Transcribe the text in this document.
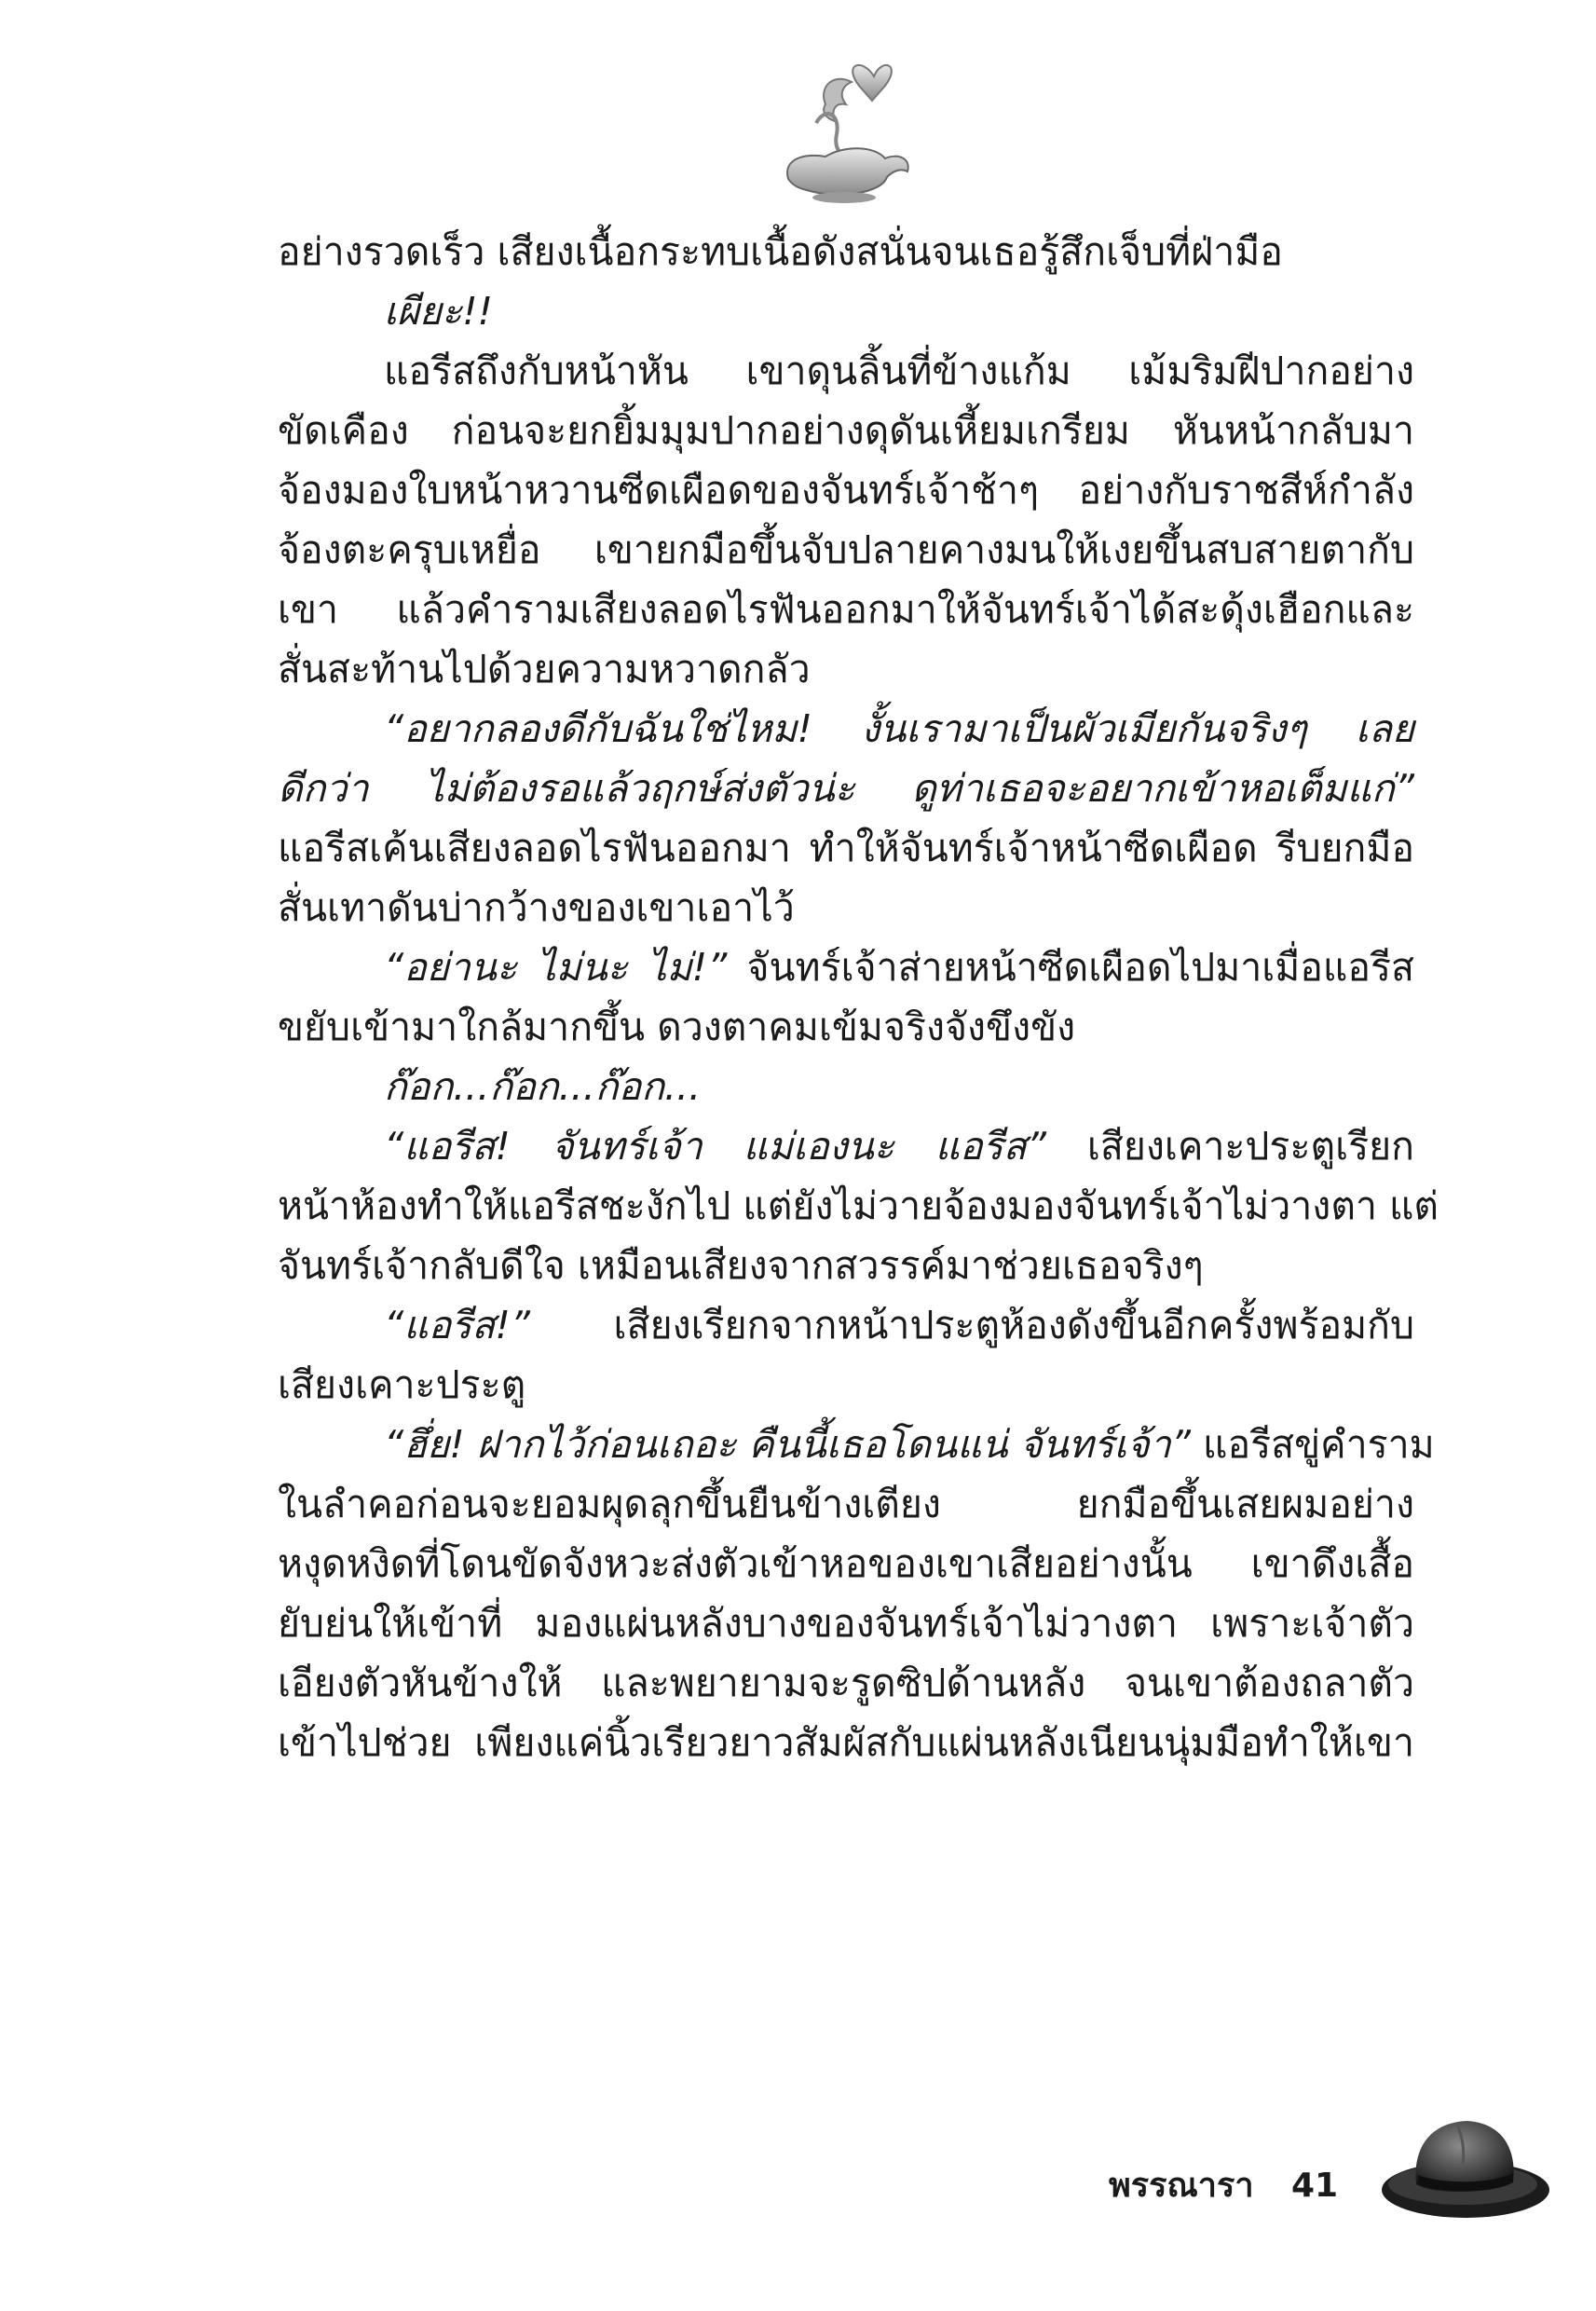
อย่างรวดเร็ว เสียงเนื้อกระทบเนื้อดังสนั่นจนเธอรู้สึกเจ็บที่ฝ่ามือ

เผียะ!!

แอรีสถึงกับหน้าหัน เขาดุนลิ้นที่ข้างแก้ม เม้มริมฝีปากอย่าง

ขัดเคือง ก่อนจะยกยิ้มมุมปากอย่างดุดันเหี้ยมเกรียม หันหน้ากลับมา

จ้องมองใบหน้าหวานซีดเผือดของจันทร์เจ้าช้าๆ อย่างกับราชสีห์กำลัง

จ้องตะครุบเหยื่อ เขายกมือขึ้นจับปลายคางมนให้เงยขึ้นสบสายตากับ

เขา แล้วคำรามเสียงลอดไรฟันออกมาให้จันทร์เจ้าได้สะดุ้งเฮือกและ

สั่นสะท้านไปด้วยความหวาดกลัว

“อยากลองดีกับฉันใช่ไหม! งั้นเรามาเป็นผัวเมียกันจริงๆ เลย

ดีกว่า ไม่ต้องรอแล้วฤกษ์ส่งตัวน่ะ ดูท่าเธอจะอยากเข้าหอเต็มแก่”

แอรีสเค้นเสียงลอดไรฟันออกมา ทำให้จันทร์เจ้าหน้าซีดเผือด รีบยกมือ

สั่นเทาดันบ่ากว้างของเขาเอาไว้

“อย่านะ ไม่นะ ไม่!” จันทร์เจ้าส่ายหน้าซีดเผือดไปมาเมื่อแอรีส

ขยับเข้ามาใกล้มากขึ้น ดวงตาคมเข้มจริงจังขึงขัง

ก๊อก...ก๊อก...ก๊อก...

“แอรีส! จันทร์เจ้า แม่เองนะ แอรีส” เสียงเคาะประตูเรียก

หน้าห้องทำให้แอรีสชะงักไป แต่ยังไม่วายจ้องมองจันทร์เจ้าไม่วางตา แต่

จันทร์เจ้ากลับดีใจ เหมือนเสียงจากสวรรค์มาช่วยเธอจริงๆ

“แอรีส!” เสียงเรียกจากหน้าประตูห้องดังขึ้นอีกครั้งพร้อมกับ

เสียงเคาะประตู

“ฮึ่ย! ฝากไว้ก่อนเถอะ คืนนี้เธอโดนแน่ จันทร์เจ้า” แอรีสขู่คำราม

ในลำคอก่อนจะยอมผุดลุกขึ้นยืนข้างเตียง ยกมือขึ้นเสยผมอย่าง

หงุดหงิดที่โดนขัดจังหวะส่งตัวเข้าหอของเขาเสียอย่างนั้น เขาดึงเสื้อ

ยับย่นให้เข้าที่ มองแผ่นหลังบางของจันทร์เจ้าไม่วางตา เพราะเจ้าตัว

เอียงตัวหันข้างให้ และพยายามจะรูดซิปด้านหลัง จนเขาต้องถลาตัว

เข้าไปช่วย เพียงแค่นิ้วเรียวยาวสัมผัสกับแผ่นหลังเนียนนุ่มมือทำให้เขา

พรรณารา 41
